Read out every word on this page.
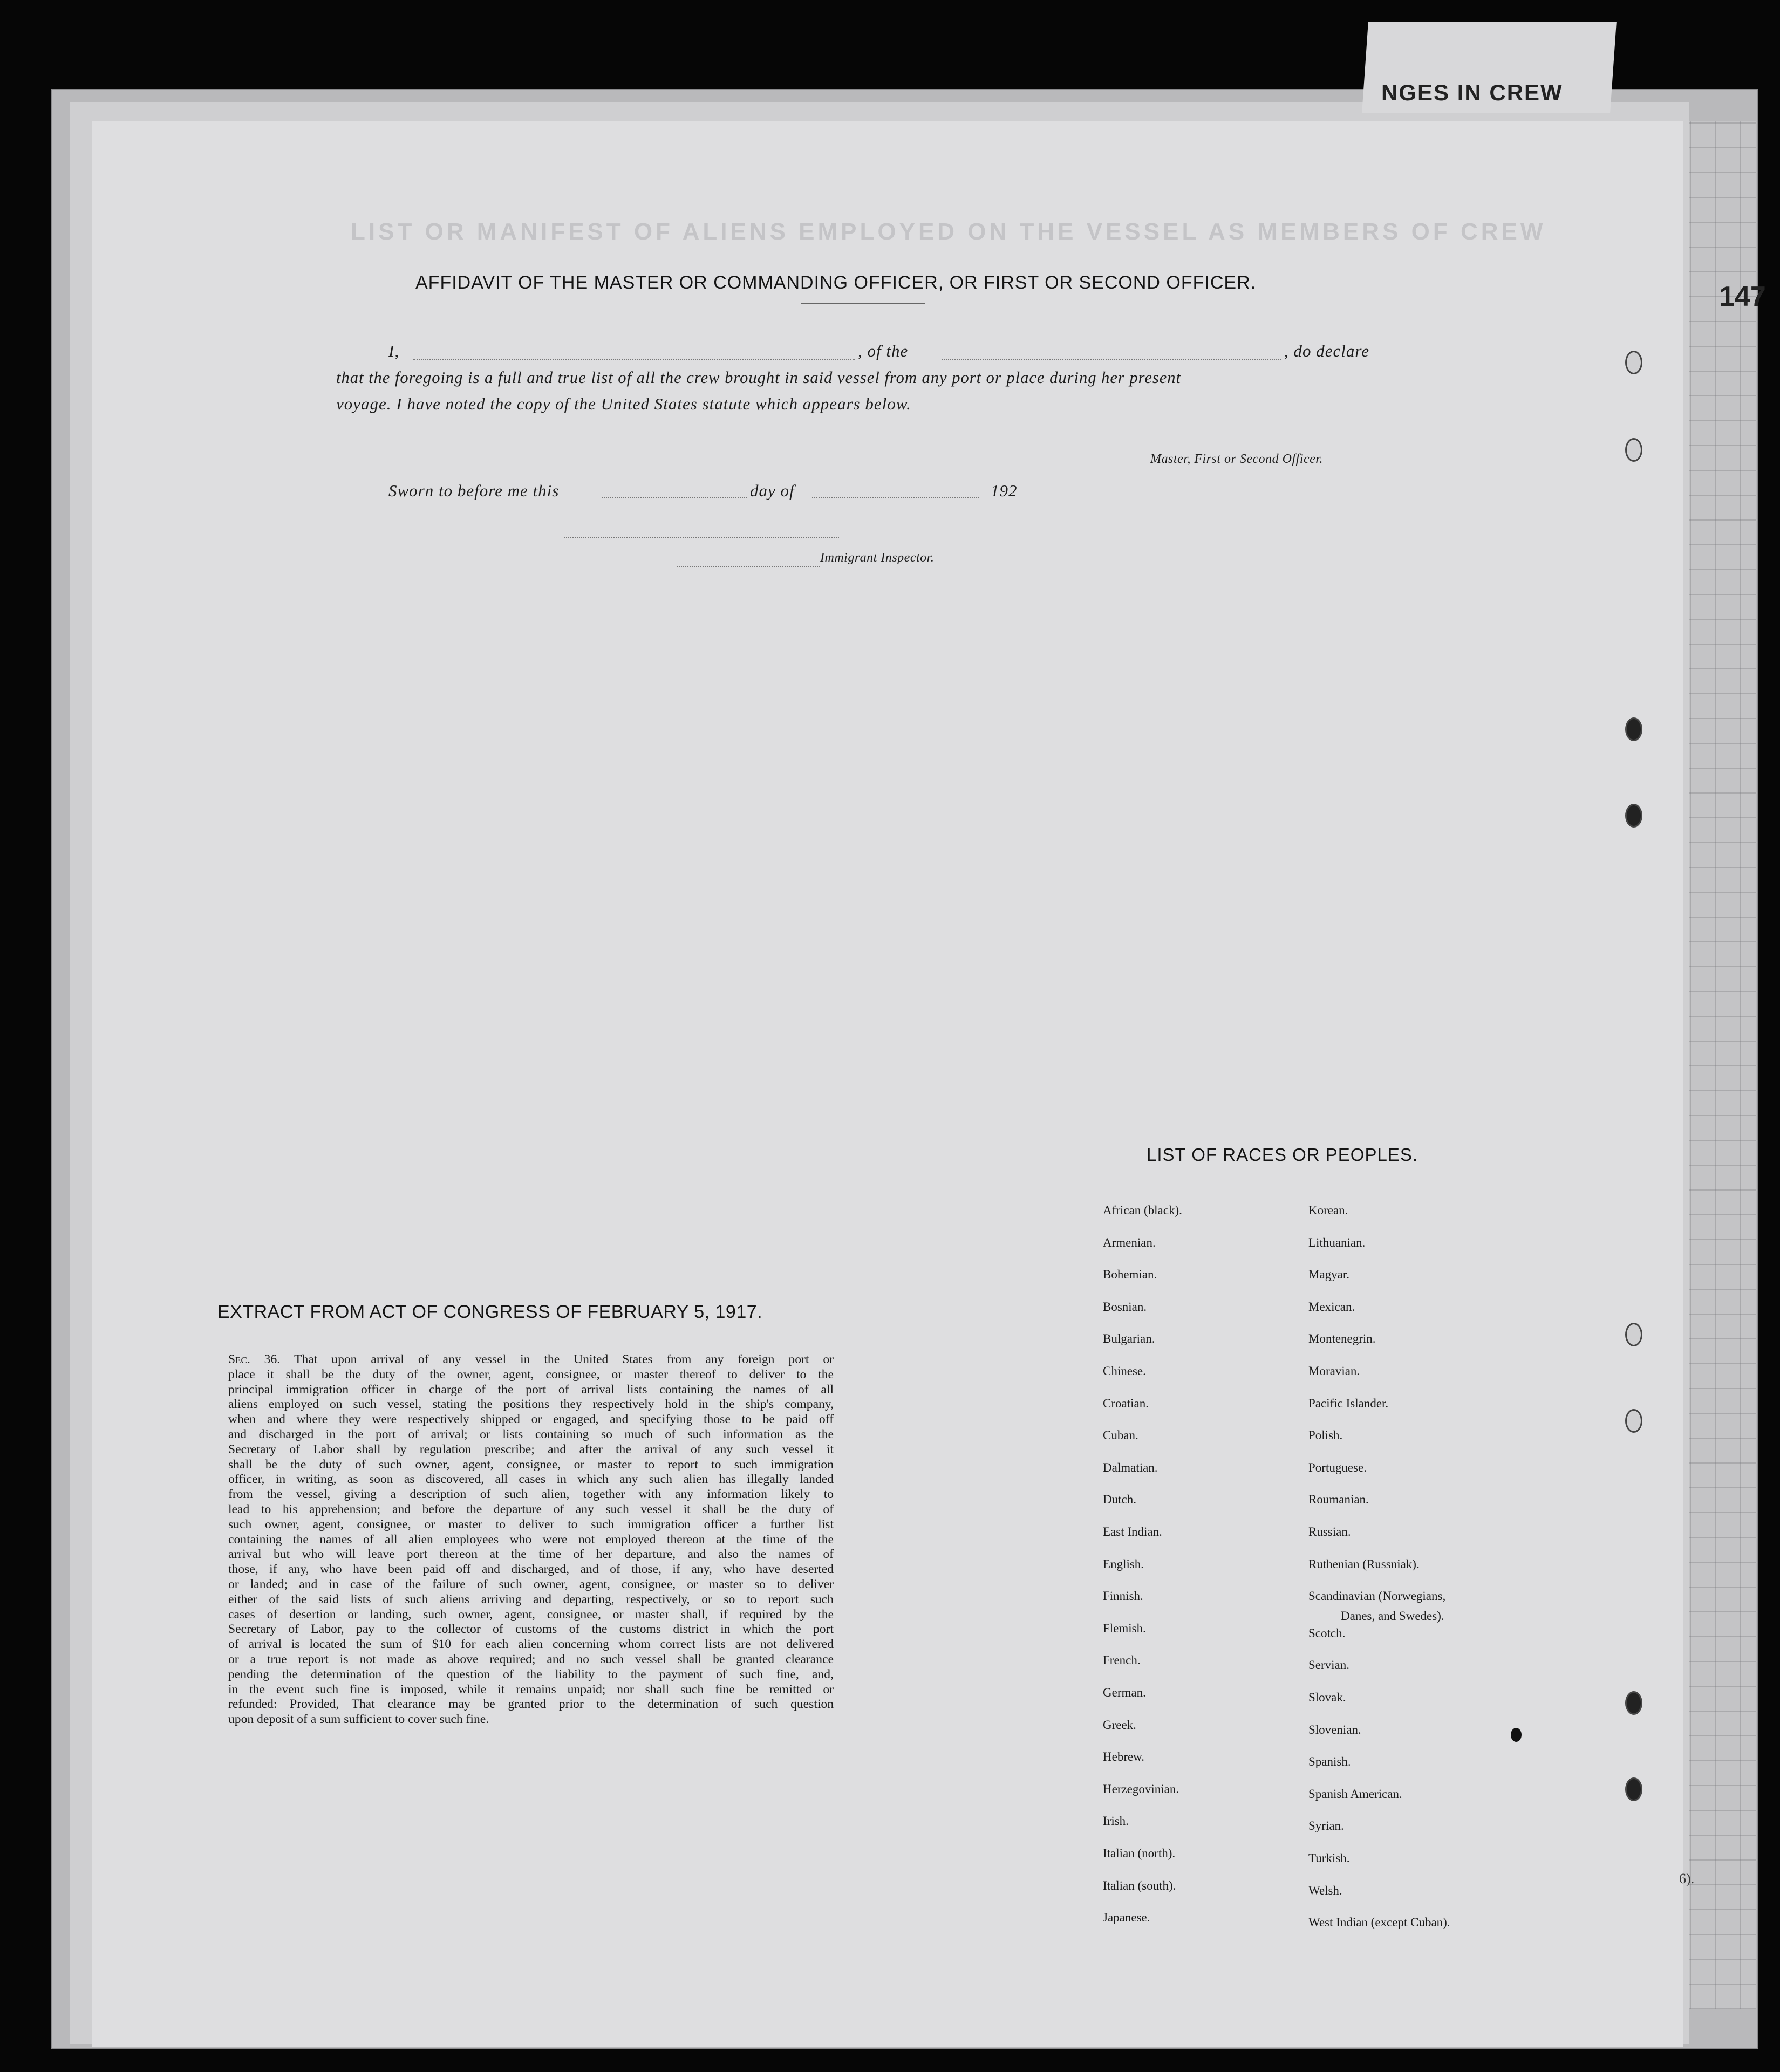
NGES IN CREW
147
LIST OR MANIFEST OF ALIENS EMPLOYED ON THE VESSEL AS MEMBERS OF CREW
AFFIDAVIT OF THE MASTER OR COMMANDING OFFICER, OR FIRST OR SECOND OFFICER.
I,	, of the	, do declare
that the foregoing is a full and true list of all the crew brought in said vessel from any port or place during her present
voyage. I have noted the copy of the United States statute which appears below.
Master, First or Second Officer.
Sworn to before me this	day of	192
Immigrant Inspector.
LIST OF RACES OR PEOPLES.
EXTRACT FROM ACT OF CONGRESS OF FEBRUARY 5, 1917.
Sec. 36. That upon arrival of any vessel in the United States from any foreign port or
place it shall be the duty of the owner, agent, consignee, or master thereof to deliver to the
principal immigration officer in charge of the port of arrival lists containing the names of all
aliens employed on such vessel, stating the positions they respectively hold in the ship's company,
when and where they were respectively shipped or engaged, and specifying those to be paid off
and discharged in the port of arrival; or lists containing so much of such information as the
Secretary of Labor shall by regulation prescribe; and after the arrival of any such vessel it
shall be the duty of such owner, agent, consignee, or master to report to such immigration
officer, in writing, as soon as discovered, all cases in which any such alien has illegally landed
from the vessel, giving a description of such alien, together with any information likely to
lead to his apprehension; and before the departure of any such vessel it shall be the duty of
such owner, agent, consignee, or master to deliver to such immigration officer a further list
containing the names of all alien employees who were not employed thereon at the time of the
arrival but who will leave port thereon at the time of her departure, and also the names of
those, if any, who have been paid off and discharged, and of those, if any, who have deserted
or landed; and in case of the failure of such owner, agent, consignee, or master so to deliver
either of the said lists of such aliens arriving and departing, respectively, or so to report such
cases of desertion or landing, such owner, agent, consignee, or master shall, if required by the
Secretary of Labor, pay to the collector of customs of the customs district in which the port
of arrival is located the sum of $10 for each alien concerning whom correct lists are not delivered
or a true report is not made as above required; and no such vessel shall be granted clearance
pending the determination of the question of the liability to the payment of such fine, and,
in the event such fine is imposed, while it remains unpaid; nor shall such fine be remitted or
refunded: Provided, That clearance may be granted prior to the determination of such question
upon deposit of a sum sufficient to cover such fine.
6).
African (black).
Armenian.
Bohemian.
Bosnian.
Bulgarian.
Chinese.
Croatian.
Cuban.
Dalmatian.
Dutch.
East Indian.
English.
Finnish.
Flemish.
French.
German.
Greek.
Hebrew.
Herzegovinian.
Irish.
Italian (north).
Italian (south).
Japanese.
Korean.
Lithuanian.
Magyar.
Mexican.
Montenegrin.
Moravian.
Pacific Islander.
Polish.
Portuguese.
Roumanian.
Russian.
Ruthenian (Russniak).
Scandinavian (Norwegians,
Danes, and Swedes).
Scotch.
Servian.
Slovak.
Slovenian.
Spanish.
Spanish American.
Syrian.
Turkish.
Welsh.
West Indian (except Cuban).
